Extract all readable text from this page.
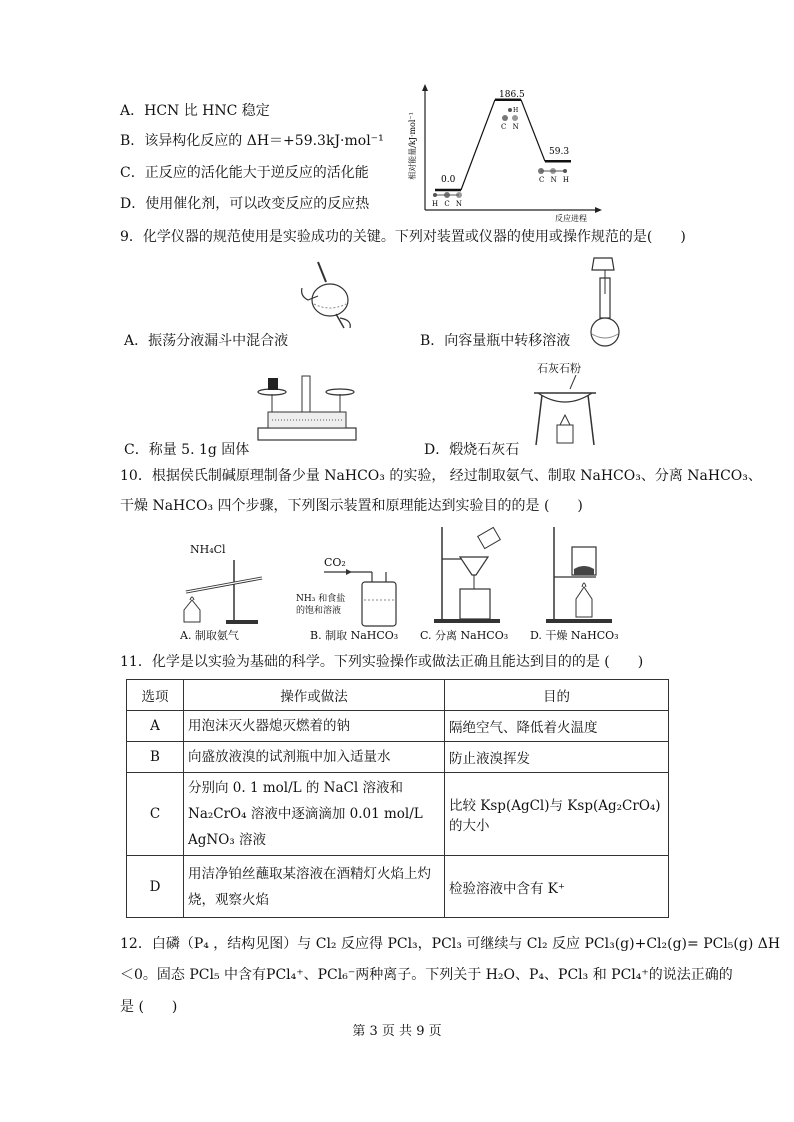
A．HCN 比 HNC 稳定
B．该异构化反应的 ΔH＝+59.3kJ·mol⁻¹
C．正反应的活化能大于逆反应的活化能
D．使用催化剂，可以改变反应的反应热
相对能量/kJ·mol⁻¹
反应进程
0.0
186.5
59.3
H C N
H
C N
C N H
9．化学仪器的规范使用是实验成功的关键。下列对装置或仪器的使用或操作规范的是(　　)
A．振荡分液漏斗中混合液	B．向容量瓶中转移溶液
C．称量 5. 1g 固体
石灰石粉
D．煅烧石灰石
10．根据侯氏制碱原理制备少量 NaHCO₃ 的实验， 经过制取氨气、制取 NaHCO₃、分离 NaHCO₃、
干燥 NaHCO₃ 四个步骤，下列图示装置和原理能达到实验目的的是 (　　)
NH₄Cl
A. 制取氨气
CO₂
NH₃ 和食盐
的饱和溶液
B. 制取 NaHCO₃ C. 分离 NaHCO₃ D. 干燥 NaHCO₃
11．化学是以实验为基础的科学。下列实验操作或做法正确且能达到目的的是 (　　)
选项	操作或做法	目的
A	用泡沫灭火器熄灭燃着的钠	隔绝空气、降低着火温度
B	向盛放液溴的试剂瓶中加入适量水	防止液溴挥发
C	分别向 0. 1 mol/L 的 NaCl 溶液和 Na₂CrO₄ 溶液中逐滴滴加 0.01 mol/L AgNO₃ 溶液	比较 Ksp(AgCl)与 Ksp(Ag₂CrO₄)的大小
D	用洁净铂丝蘸取某溶液在酒精灯火焰上灼烧，观察火焰	检验溶液中含有 K⁺
12．白磷（P₄ ，结构见图）与 Cl₂ 反应得 PCl₃，PCl₃ 可继续与 Cl₂ 反应 PCl₃(g)+Cl₂(g)= PCl₅(g) ΔH
＜0。固态 PCl₅ 中含有PCl₄⁺、PCl₆⁻两种离子。下列关于 H₂O、P₄、PCl₃ 和 PCl₄⁺的说法正确的
是 (　　)
第 3 页 共 9 页
